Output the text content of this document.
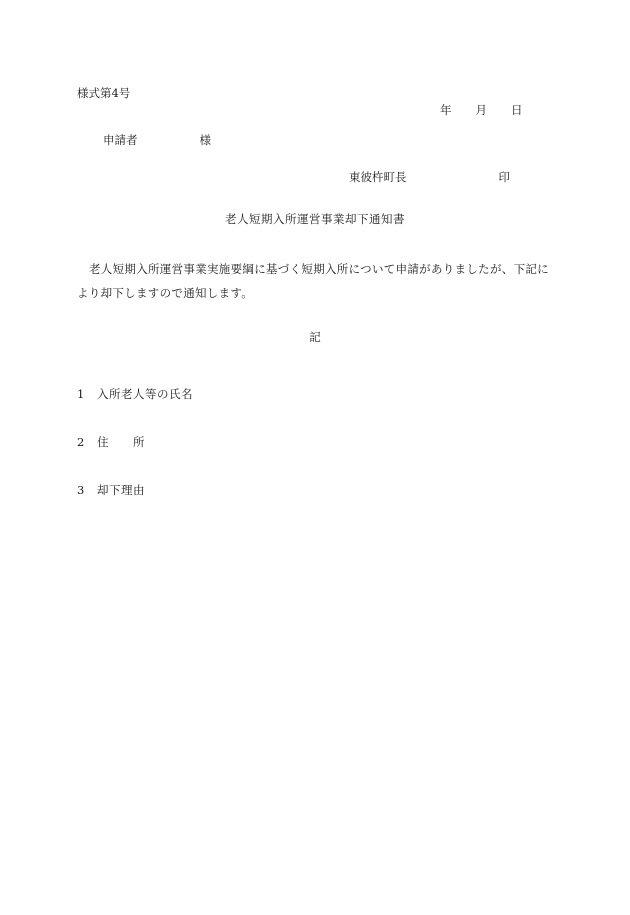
様式第4号
年 月 日
申請者	様
東彼杵町長	印
老人短期入所運営事業却下通知書
老人短期入所運営事業実施要綱に基づく短期入所について申請がありましたが、下記により却下しますので通知します。
記
1 入所老人等の氏名
2 住　　所
3 却下理由
